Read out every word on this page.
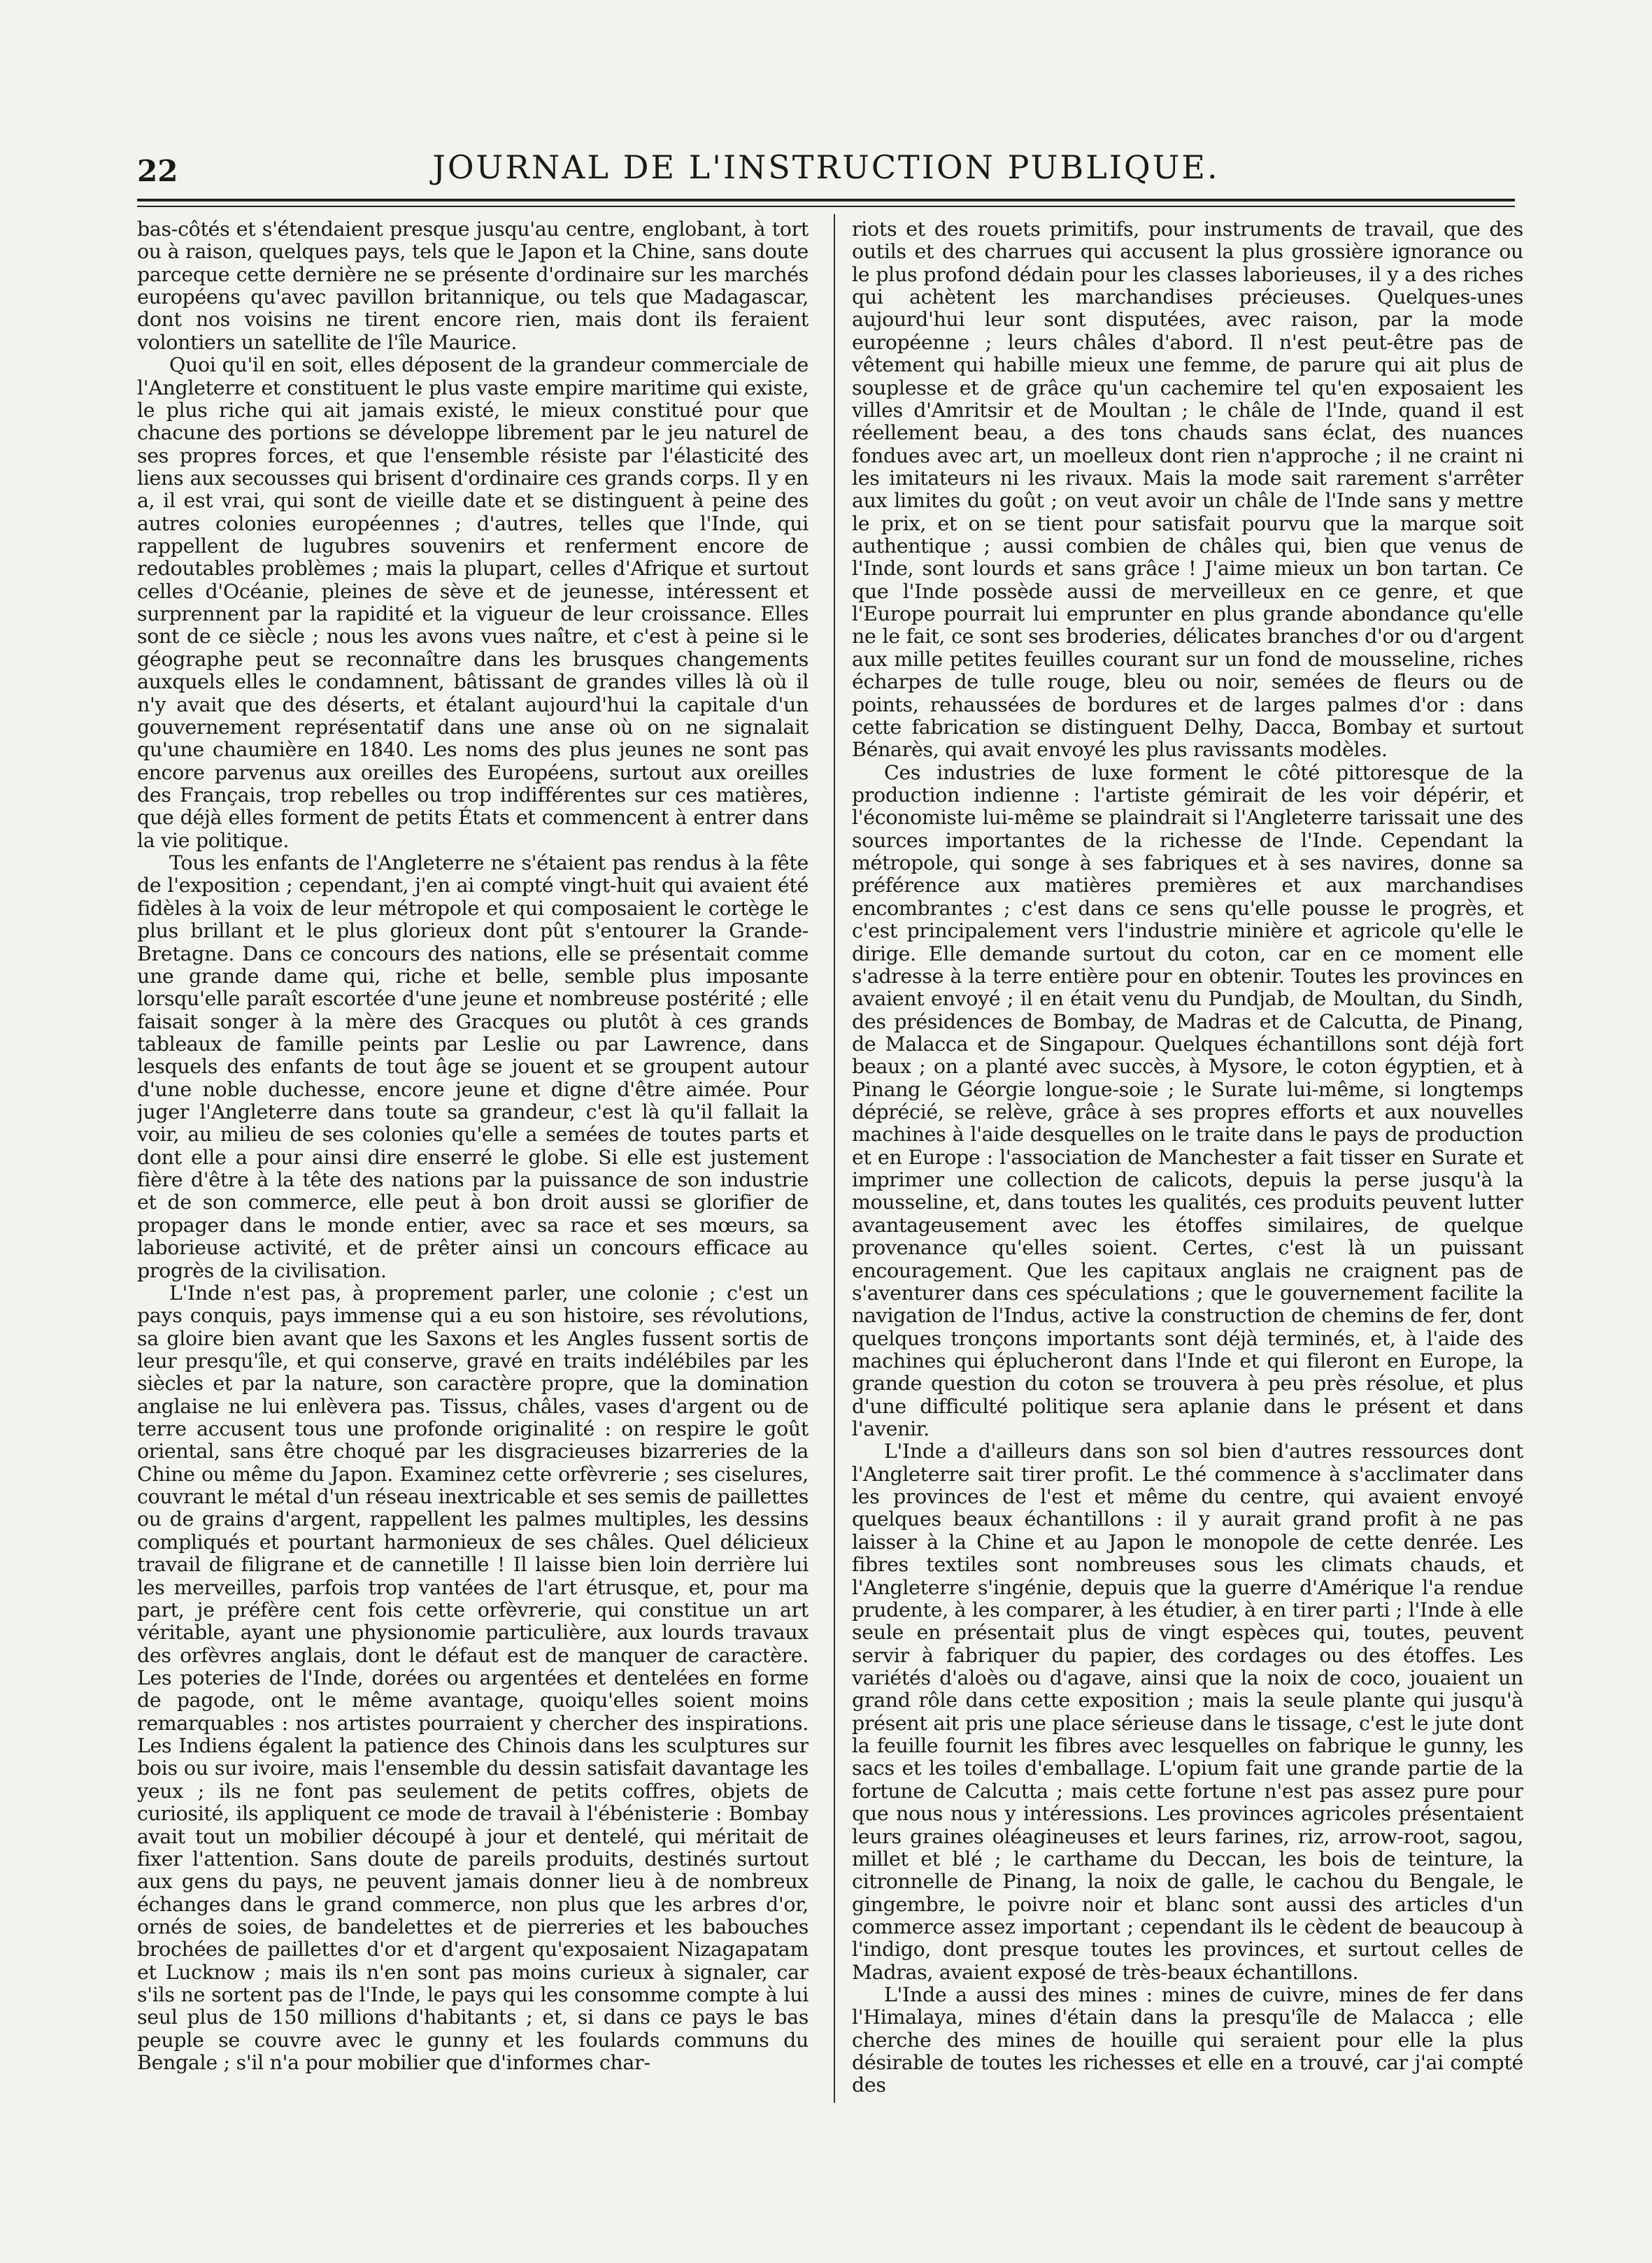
22	JOURNAL DE L'INSTRUCTION PUBLIQUE.

bas-côtés et s'étendaient presque jusqu'au centre, englobant, à tort ou à raison, quelques pays, tels que le Japon et la Chine, sans doute parceque cette dernière ne se présente d'ordinaire sur les marchés européens qu'avec pavillon britannique, ou tels que Madagascar, dont nos voisins ne tirent encore rien, mais dont ils feraient volontiers un satellite de l'île Maurice.

Quoi qu'il en soit, elles déposent de la grandeur commerciale de l'Angleterre et constituent le plus vaste empire maritime qui existe, le plus riche qui ait jamais existé, le mieux constitué pour que chacune des portions se développe librement par le jeu naturel de ses propres forces, et que l'ensemble résiste par l'élasticité des liens aux secousses qui brisent d'ordinaire ces grands corps. Il y en a, il est vrai, qui sont de vieille date et se distinguent à peine des autres colonies européennes ; d'autres, telles que l'Inde, qui rappellent de lugubres souvenirs et renferment encore de redoutables problèmes ; mais la plupart, celles d'Afrique et surtout celles d'Océanie, pleines de sève et de jeunesse, intéressent et surprennent par la rapidité et la vigueur de leur croissance. Elles sont de ce siècle ; nous les avons vues naître, et c'est à peine si le géographe peut se reconnaître dans les brusques changements auxquels elles le condamnent, bâtissant de grandes villes là où il n'y avait que des déserts, et étalant aujourd'hui la capitale d'un gouvernement représentatif dans une anse où on ne signalait qu'une chaumière en 1840. Les noms des plus jeunes ne sont pas encore parvenus aux oreilles des Européens, surtout aux oreilles des Français, trop rebelles ou trop indifférentes sur ces matières, que déjà elles forment de petits États et commencent à entrer dans la vie politique.

Tous les enfants de l'Angleterre ne s'étaient pas rendus à la fête de l'exposition ; cependant, j'en ai compté vingt-huit qui avaient été fidèles à la voix de leur métropole et qui composaient le cortège le plus brillant et le plus glorieux dont pût s'entourer la Grande-Bretagne. Dans ce concours des nations, elle se présentait comme une grande dame qui, riche et belle, semble plus imposante lorsqu'elle paraît escortée d'une jeune et nombreuse postérité ; elle faisait songer à la mère des Gracques ou plutôt à ces grands tableaux de famille peints par Leslie ou par Lawrence, dans lesquels des enfants de tout âge se jouent et se groupent autour d'une noble duchesse, encore jeune et digne d'être aimée. Pour juger l'Angleterre dans toute sa grandeur, c'est là qu'il fallait la voir, au milieu de ses colonies qu'elle a semées de toutes parts et dont elle a pour ainsi dire enserré le globe. Si elle est justement fière d'être à la tête des nations par la puissance de son industrie et de son commerce, elle peut à bon droit aussi se glorifier de propager dans le monde entier, avec sa race et ses mœurs, sa laborieuse activité, et de prêter ainsi un concours efficace au progrès de la civilisation.

L'Inde n'est pas, à proprement parler, une colonie ; c'est un pays conquis, pays immense qui a eu son histoire, ses révolutions, sa gloire bien avant que les Saxons et les Angles fussent sortis de leur presqu'île, et qui conserve, gravé en traits indélébiles par les siècles et par la nature, son caractère propre, que la domination anglaise ne lui enlèvera pas. Tissus, châles, vases d'argent ou de terre accusent tous une profonde originalité : on respire le goût oriental, sans être choqué par les disgracieuses bizarreries de la Chine ou même du Japon. Examinez cette orfèvrerie ; ses ciselures, couvrant le métal d'un réseau inextricable et ses semis de paillettes ou de grains d'argent, rappellent les palmes multiples, les dessins compliqués et pourtant harmonieux de ses châles. Quel délicieux travail de filigrane et de cannetille ! Il laisse bien loin derrière lui les merveilles, parfois trop vantées de l'art étrusque, et, pour ma part, je préfère cent fois cette orfèvrerie, qui constitue un art véritable, ayant une physionomie particulière, aux lourds travaux des orfèvres anglais, dont le défaut est de manquer de caractère. Les poteries de l'Inde, dorées ou argentées et dentelées en forme de pagode, ont le même avantage, quoiqu'elles soient moins remarquables : nos artistes pourraient y chercher des inspirations. Les Indiens égalent la patience des Chinois dans les sculptures sur bois ou sur ivoire, mais l'ensemble du dessin satisfait davantage les yeux ; ils ne font pas seulement de petits coffres, objets de curiosité, ils appliquent ce mode de travail à l'ébénisterie : Bombay avait tout un mobilier découpé à jour et dentelé, qui méritait de fixer l'attention. Sans doute de pareils produits, destinés surtout aux gens du pays, ne peuvent jamais donner lieu à de nombreux échanges dans le grand commerce, non plus que les arbres d'or, ornés de soies, de bandelettes et de pierreries et les babouches brochées de paillettes d'or et d'argent qu'exposaient Nizagapatam et Lucknow ; mais ils n'en sont pas moins curieux à signaler, car s'ils ne sortent pas de l'Inde, le pays qui les consomme compte à lui seul plus de 150 millions d'habitants ; et, si dans ce pays le bas peuple se couvre avec le gunny et les foulards communs du Bengale ; s'il n'a pour mobilier que d'informes char-

riots et des rouets primitifs, pour instruments de travail, que des outils et des charrues qui accusent la plus grossière ignorance ou le plus profond dédain pour les classes laborieuses, il y a des riches qui achètent les marchandises précieuses. Quelques-unes aujourd'hui leur sont disputées, avec raison, par la mode européenne ; leurs châles d'abord. Il n'est peut-être pas de vêtement qui habille mieux une femme, de parure qui ait plus de souplesse et de grâce qu'un cachemire tel qu'en exposaient les villes d'Amritsir et de Moultan ; le châle de l'Inde, quand il est réellement beau, a des tons chauds sans éclat, des nuances fondues avec art, un moelleux dont rien n'approche ; il ne craint ni les imitateurs ni les rivaux. Mais la mode sait rarement s'arrêter aux limites du goût ; on veut avoir un châle de l'Inde sans y mettre le prix, et on se tient pour satisfait pourvu que la marque soit authentique ; aussi combien de châles qui, bien que venus de l'Inde, sont lourds et sans grâce ! J'aime mieux un bon tartan. Ce que l'Inde possède aussi de merveilleux en ce genre, et que l'Europe pourrait lui emprunter en plus grande abondance qu'elle ne le fait, ce sont ses broderies, délicates branches d'or ou d'argent aux mille petites feuilles courant sur un fond de mousseline, riches écharpes de tulle rouge, bleu ou noir, semées de fleurs ou de points, rehaussées de bordures et de larges palmes d'or : dans cette fabrication se distinguent Delhy, Dacca, Bombay et surtout Bénarès, qui avait envoyé les plus ravissants modèles.

Ces industries de luxe forment le côté pittoresque de la production indienne : l'artiste gémirait de les voir dépérir, et l'économiste lui-même se plaindrait si l'Angleterre tarissait une des sources importantes de la richesse de l'Inde. Cependant la métropole, qui songe à ses fabriques et à ses navires, donne sa préférence aux matières premières et aux marchandises encombrantes ; c'est dans ce sens qu'elle pousse le progrès, et c'est principalement vers l'industrie minière et agricole qu'elle le dirige. Elle demande surtout du coton, car en ce moment elle s'adresse à la terre entière pour en obtenir. Toutes les provinces en avaient envoyé ; il en était venu du Pundjab, de Moultan, du Sindh, des présidences de Bombay, de Madras et de Calcutta, de Pinang, de Malacca et de Singapour. Quelques échantillons sont déjà fort beaux ; on a planté avec succès, à Mysore, le coton égyptien, et à Pinang le Géorgie longue-soie ; le Surate lui-même, si longtemps déprécié, se relève, grâce à ses propres efforts et aux nouvelles machines à l'aide desquelles on le traite dans le pays de production et en Europe : l'association de Manchester a fait tisser en Surate et imprimer une collection de calicots, depuis la perse jusqu'à la mousseline, et, dans toutes les qualités, ces produits peuvent lutter avantageusement avec les étoffes similaires, de quelque provenance qu'elles soient. Certes, c'est là un puissant encouragement. Que les capitaux anglais ne craignent pas de s'aventurer dans ces spéculations ; que le gouvernement facilite la navigation de l'Indus, active la construction de chemins de fer, dont quelques tronçons importants sont déjà terminés, et, à l'aide des machines qui éplucheront dans l'Inde et qui fileront en Europe, la grande question du coton se trouvera à peu près résolue, et plus d'une difficulté politique sera aplanie dans le présent et dans l'avenir.

L'Inde a d'ailleurs dans son sol bien d'autres ressources dont l'Angleterre sait tirer profit. Le thé commence à s'acclimater dans les provinces de l'est et même du centre, qui avaient envoyé quelques beaux échantillons : il y aurait grand profit à ne pas laisser à la Chine et au Japon le monopole de cette denrée. Les fibres textiles sont nombreuses sous les climats chauds, et l'Angleterre s'ingénie, depuis que la guerre d'Amérique l'a rendue prudente, à les comparer, à les étudier, à en tirer parti ; l'Inde à elle seule en présentait plus de vingt espèces qui, toutes, peuvent servir à fabriquer du papier, des cordages ou des étoffes. Les variétés d'aloès ou d'agave, ainsi que la noix de coco, jouaient un grand rôle dans cette exposition ; mais la seule plante qui jusqu'à présent ait pris une place sérieuse dans le tissage, c'est le jute dont la feuille fournit les fibres avec lesquelles on fabrique le gunny, les sacs et les toiles d'emballage. L'opium fait une grande partie de la fortune de Calcutta ; mais cette fortune n'est pas assez pure pour que nous nous y intéressions. Les provinces agricoles présentaient leurs graines oléagineuses et leurs farines, riz, arrow-root, sagou, millet et blé ; le carthame du Deccan, les bois de teinture, la citronnelle de Pinang, la noix de galle, le cachou du Bengale, le gingembre, le poivre noir et blanc sont aussi des articles d'un commerce assez important ; cependant ils le cèdent de beaucoup à l'indigo, dont presque toutes les provinces, et surtout celles de Madras, avaient exposé de très-beaux échantillons.

L'Inde a aussi des mines : mines de cuivre, mines de fer dans l'Himalaya, mines d'étain dans la presqu'île de Malacca ; elle cherche des mines de houille qui seraient pour elle la plus désirable de toutes les richesses et elle en a trouvé, car j'ai compté des
